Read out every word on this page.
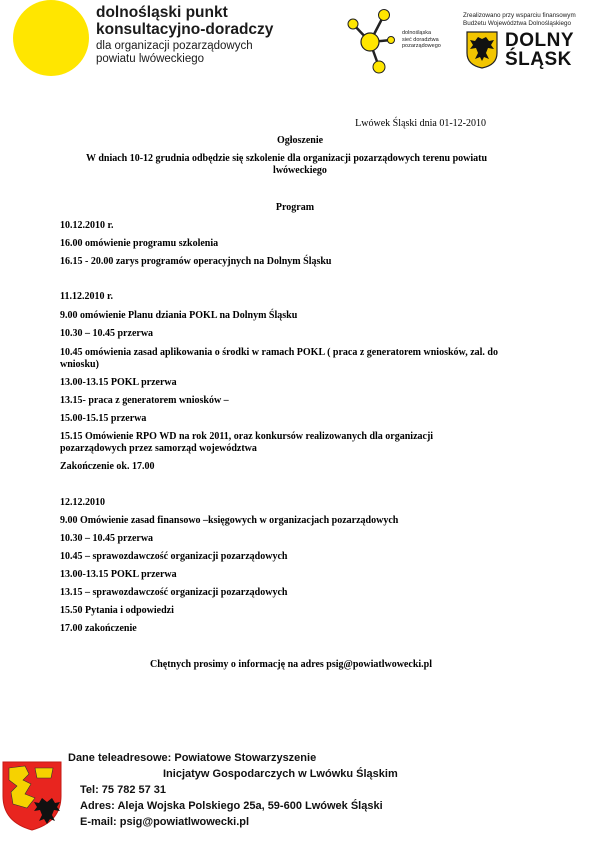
dolnośląski punkt
konsultacyjno-doradczy
dla organizacji pozarządowych
powiatu lwóweckiego
dolnośląska
sieć doradztwa
pozarządowego
Zrealizowano przy wsparciu finansowym
Budżetu Województwa Dolnośląskiego
DOLNY
ŚLĄSK
Lwówek Śląski dnia 01-12-2010
Ogłoszenie
W dniach 10-12 grudnia odbędzie się szkolenie dla organizacji pozarządowych terenu powiatu
lwóweckiego
Program
10.12.2010 r.
16.00 omówienie programu szkolenia
16.15 - 20.00 zarys programów operacyjnych na Dolnym Śląsku
11.12.2010 r.
9.00 omówienie Planu dziania POKL na Dolnym Śląsku
10.30 – 10.45 przerwa
10.45 omówienia zasad aplikowania o środki w ramach POKL ( praca z generatorem wniosków, zal. do
wniosku)
13.00-13.15 POKL przerwa
13.15- praca z generatorem wniosków –
15.00-15.15 przerwa
15.15 Omówienie RPO WD na rok 2011, oraz konkursów realizowanych dla organizacji
pozarządowych przez samorząd województwa
Zakończenie ok. 17.00
12.12.2010
9.00 Omówienie zasad finansowo –księgowych w organizacjach pozarządowych
10.30 – 10.45 przerwa
10.45 – sprawozdawczość organizacji pozarządowych
13.00-13.15 POKL przerwa
13.15 – sprawozdawczość organizacji pozarządowych
15.50 Pytania i odpowiedzi
17.00 zakończenie
Chętnych prosimy o informację na adres psig@powiatlwowecki.pl
Dane teleadresowe: Powiatowe Stowarzyszenie
Inicjatyw Gospodarczych w Lwówku Śląskim
Tel: 75 782 57 31
Adres: Aleja Wojska Polskiego 25a, 59-600 Lwówek Śląski
E-mail: psig@powiatlwowecki.pl
